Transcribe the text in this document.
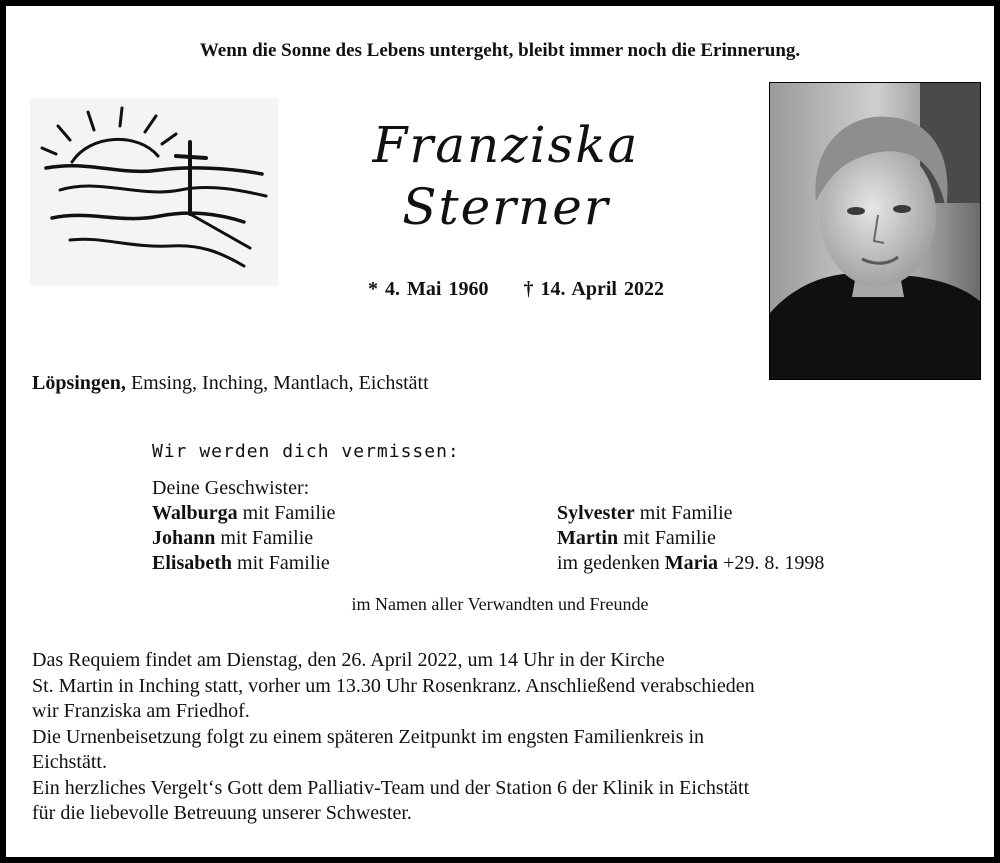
Wenn die Sonne des Lebens untergeht, bleibt immer noch die Erinnerung.
Franziska
Sterner
* 4. Mai 1960 † 14. April 2022
Löpsingen, Emsing, Inching, Mantlach, Eichstätt
Wir werden dich vermissen:
Deine Geschwister:
Walburga mit Familie
Johann mit Familie
Elisabeth mit Familie
Sylvester mit Familie
Martin mit Familie
im gedenken Maria +29. 8. 1998
im Namen aller Verwandten und Freunde
Das Requiem findet am Dienstag, den 26. April 2022, um 14 Uhr in der Kirche
St. Martin in Inching statt, vorher um 13.30 Uhr Rosenkranz. Anschließend verabschieden
wir Franziska am Friedhof.
Die Urnenbeisetzung folgt zu einem späteren Zeitpunkt im engsten Familienkreis in
Eichstätt.
Ein herzliches Vergelt‘s Gott dem Palliativ-Team und der Station 6 der Klinik in Eichstätt
für die liebevolle Betreuung unserer Schwester.
